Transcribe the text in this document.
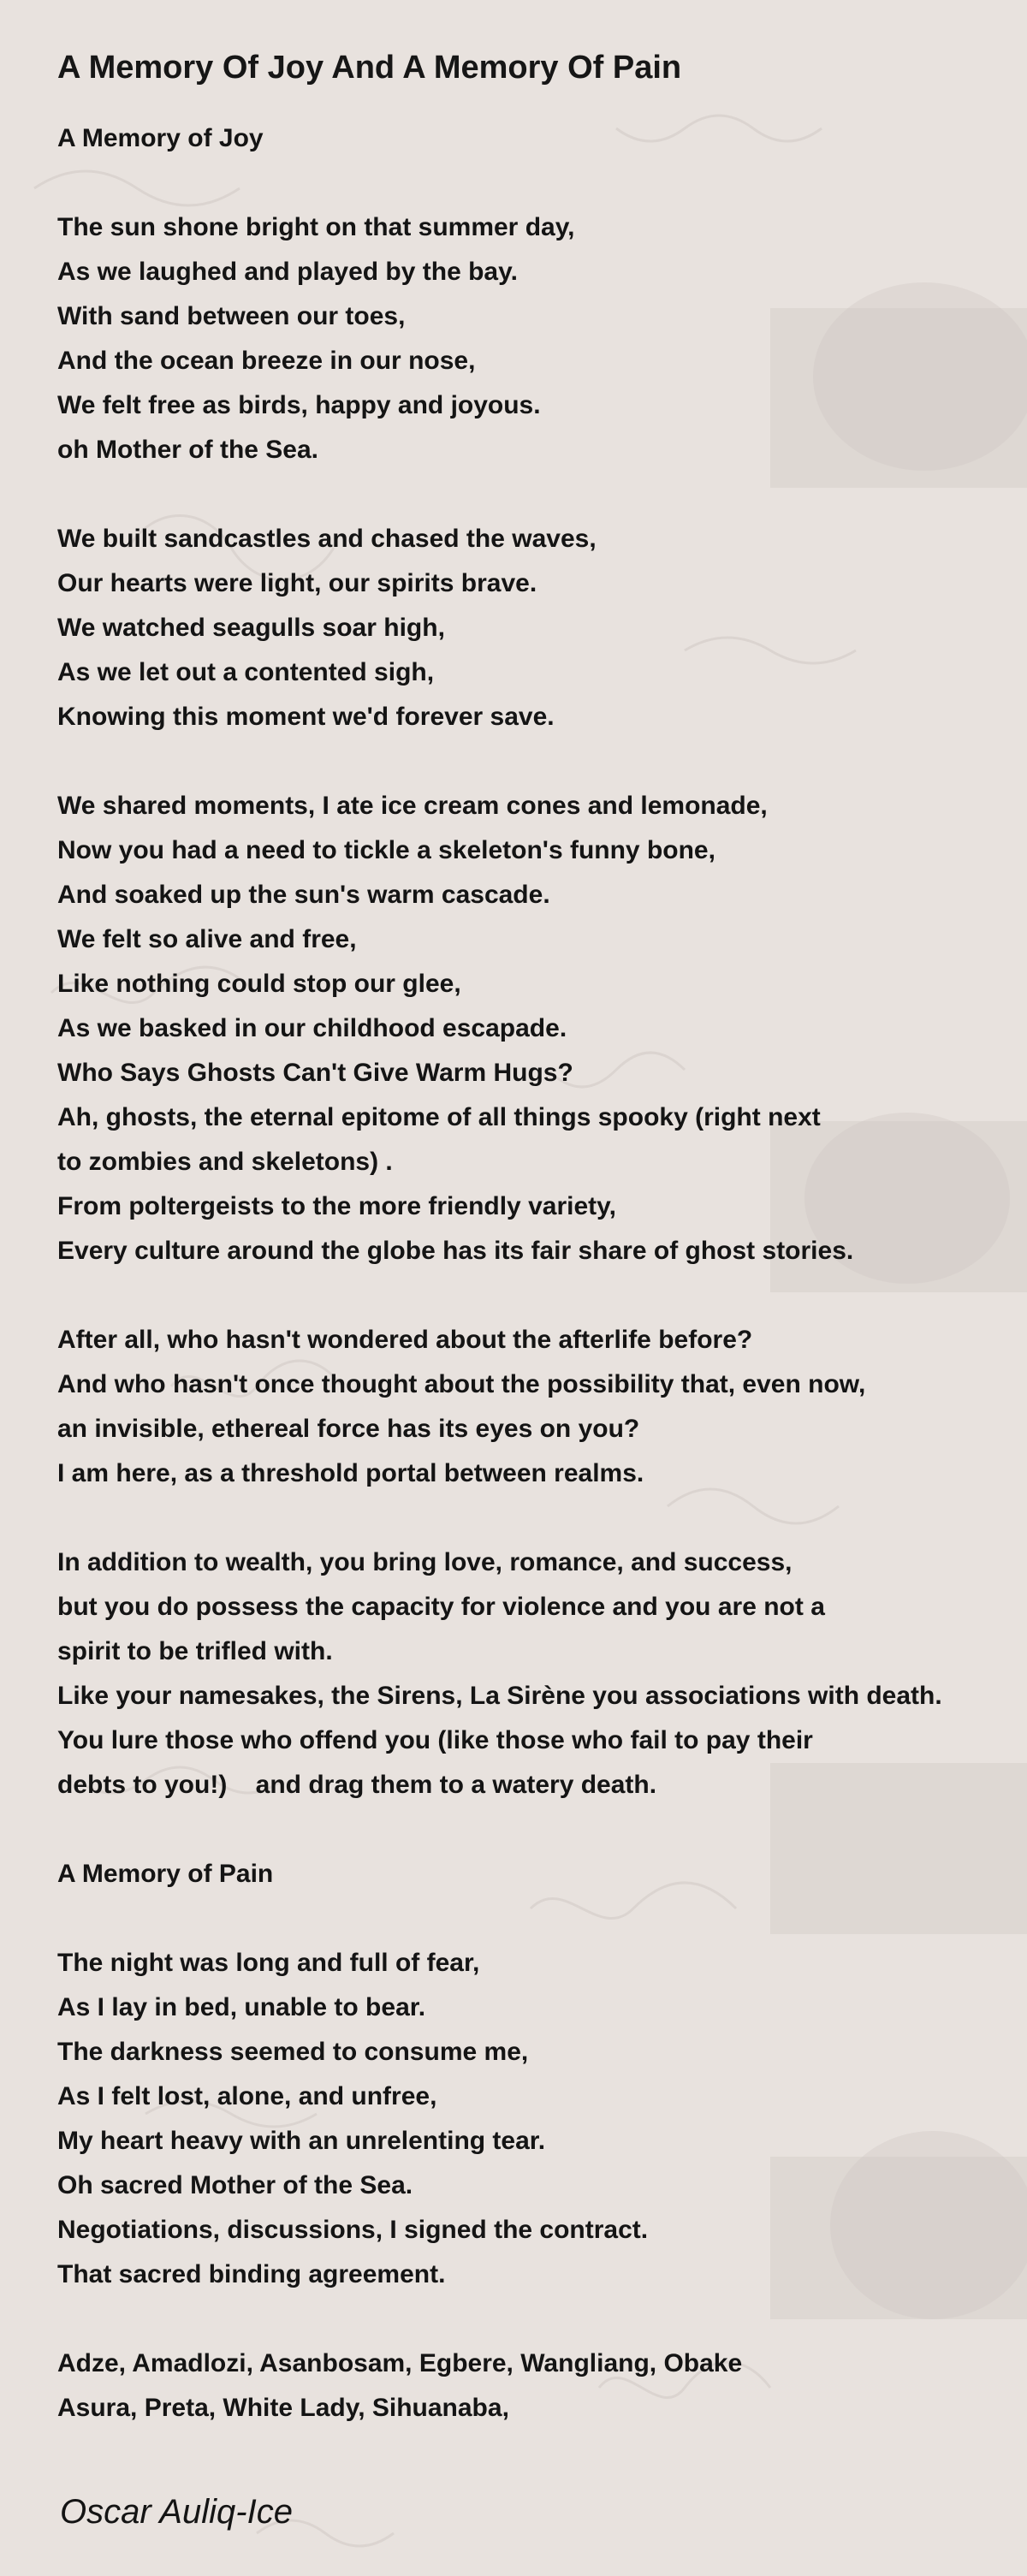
A Memory Of Joy And A Memory Of Pain
A Memory of Joy
The sun shone bright on that summer day,
As we laughed and played by the bay.
With sand between our toes,
And the ocean breeze in our nose,
We felt free as birds, happy and joyous.
oh Mother of the Sea.
We built sandcastles and chased the waves,
Our hearts were light, our spirits brave.
We watched seagulls soar high,
As we let out a contented sigh,
Knowing this moment we'd forever save.
We shared moments, I ate ice cream cones and lemonade,
Now you had a need to tickle a skeleton's funny bone,
And soaked up the sun's warm cascade.
We felt so alive and free,
Like nothing could stop our glee,
As we basked in our childhood escapade.
Who Says Ghosts Can't Give Warm Hugs?
Ah, ghosts, the eternal epitome of all things spooky (right next
to zombies and skeletons) .
From poltergeists to the more friendly variety,
Every culture around the globe has its fair share of ghost stories.
After all, who hasn't wondered about the afterlife before?
And who hasn't once thought about the possibility that, even now,
an invisible, ethereal force has its eyes on you?
I am here, as a threshold portal between realms.
In addition to wealth, you bring love, romance, and success,
but you do possess the capacity for violence and you are not a
spirit to be trifled with.
Like your namesakes, the Sirens, La Sirène you associations with death.
You lure those who offend you (like those who fail to pay their
debts to you!)    and drag them to a watery death.
A Memory of Pain
The night was long and full of fear,
As I lay in bed, unable to bear.
The darkness seemed to consume me,
As I felt lost, alone, and unfree,
My heart heavy with an unrelenting tear.
Oh sacred Mother of the Sea.
Negotiations, discussions, I signed the contract.
That sacred binding agreement.
Adze, Amadlozi, Asanbosam, Egbere, Wangliang, Obake
Asura, Preta, White Lady, Sihuanaba,
Oscar Auliq-Ice
